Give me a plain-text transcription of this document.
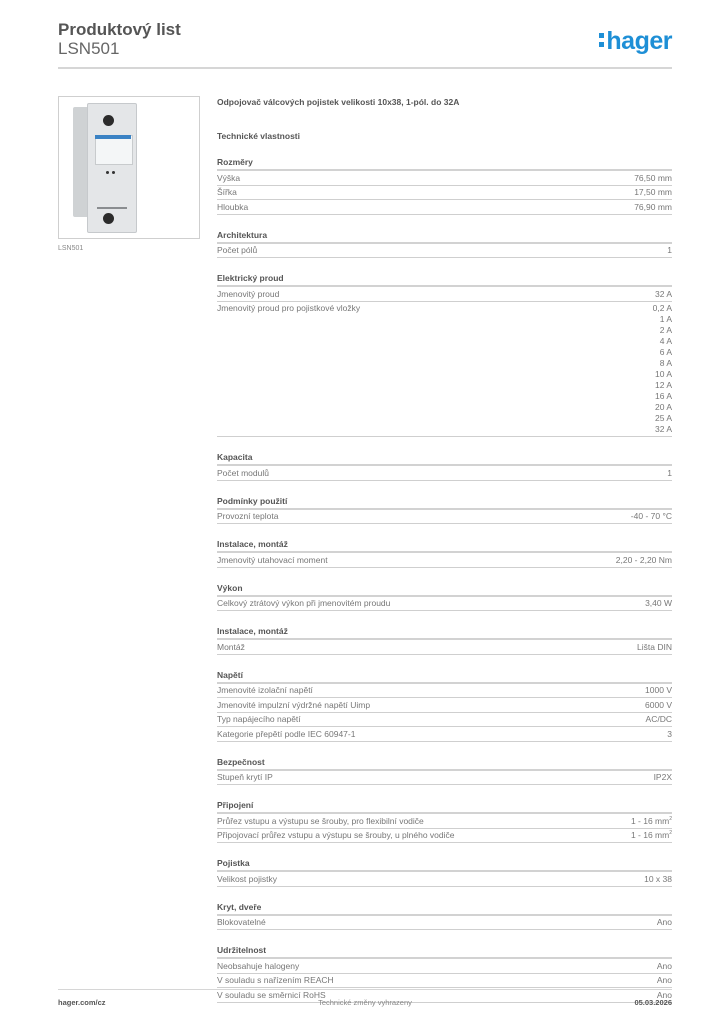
Produktový list
LSN501	hager
LSN501
Odpojovač válcových pojistek velikosti 10x38, 1-pól. do 32A
Technické vlastnosti
Rozměry
Výška	76,50 mm
Šířka	17,50 mm
Hloubka	76,90 mm
Architektura
Počet pólů	1
Elektrický proud
Jmenovitý proud	32 A
Jmenovitý proud pro pojistkové vložky	0,2 A
1 A
2 A
4 A
6 A
8 A
10 A
12 A
16 A
20 A
25 A
32 A
Kapacita
Počet modulů	1
Podmínky použití
Provozní teplota	-40 - 70 °C
Instalace, montáž
Jmenovitý utahovací moment	2,20 - 2,20 Nm
Výkon
Celkový ztrátový výkon při jmenovitém proudu	3,40 W
Instalace, montáž
Montáž	Lišta DIN
Napětí
Jmenovité izolační napětí	1000 V
Jmenovité impulzní výdržné napětí Uimp	6000 V
Typ napájecího napětí	AC/DC
Kategorie přepětí podle IEC 60947-1	3
Bezpečnost
Stupeň krytí IP	IP2X
Připojení
Průřez vstupu a výstupu se šrouby, pro flexibilní vodiče	1 - 16 $mm^2$
Připojovací průřez vstupu a výstupu se šrouby, u plného vodiče	1 - 16 $mm^2$
Pojistka
Velikost pojistky	10 x 38
Kryt, dveře
Blokovatelné	Ano
Udržitelnost
Neobsahuje halogeny	Ano
V souladu s nařízením REACH	Ano
V souladu se směrnicí RoHS	Ano
hager.com/cz	Technické změny vyhrazeny	05.03.2026
